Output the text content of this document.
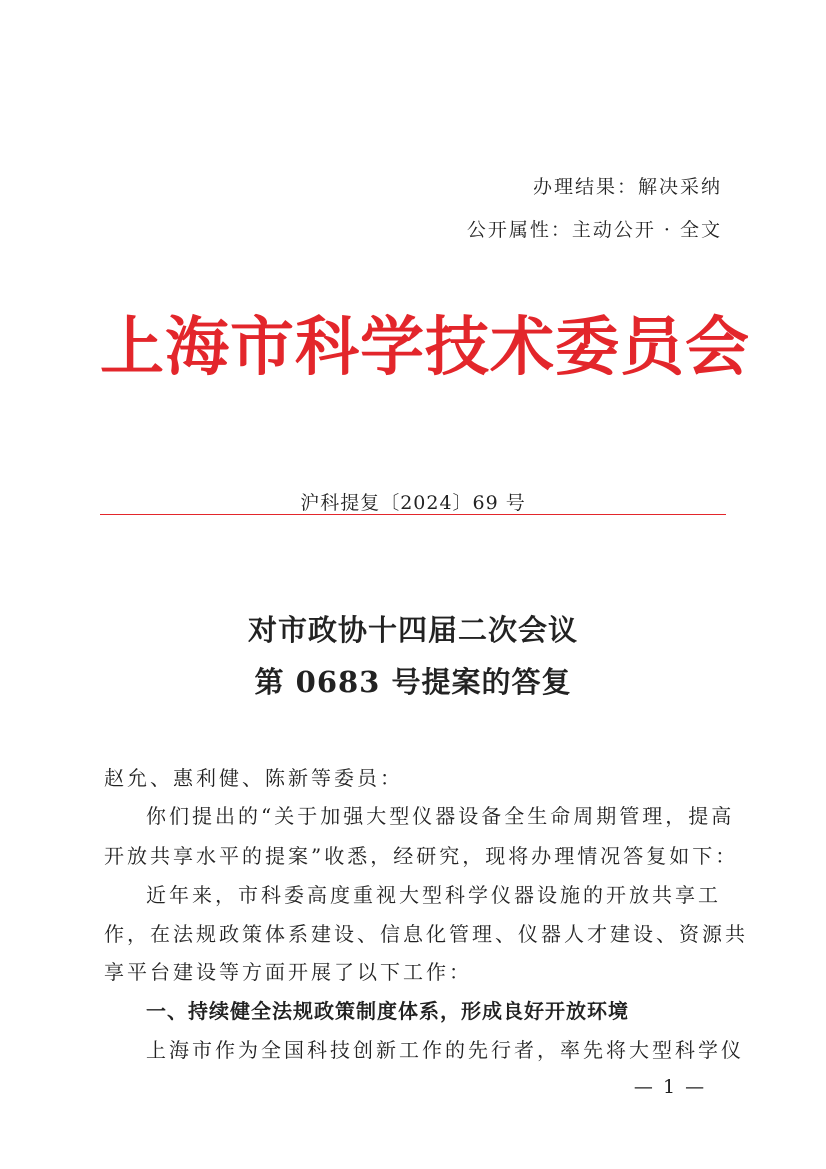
办理结果：解决采纳
公开属性：主动公开 · 全文
上海市科学技术委员会
沪科提复〔2024〕69 号
对市政协十四届二次会议
第 0683 号提案的答复
赵允、惠利健、陈新等委员：
你们提出的“关于加强大型仪器设备全生命周期管理，提高
开放共享水平的提案”收悉，经研究，现将办理情况答复如下：
近年来，市科委高度重视大型科学仪器设施的开放共享工
作，在法规政策体系建设、信息化管理、仪器人才建设、资源共
享平台建设等方面开展了以下工作：
一、持续健全法规政策制度体系，形成良好开放环境
上海市作为全国科技创新工作的先行者，率先将大型科学仪
— 1 —
